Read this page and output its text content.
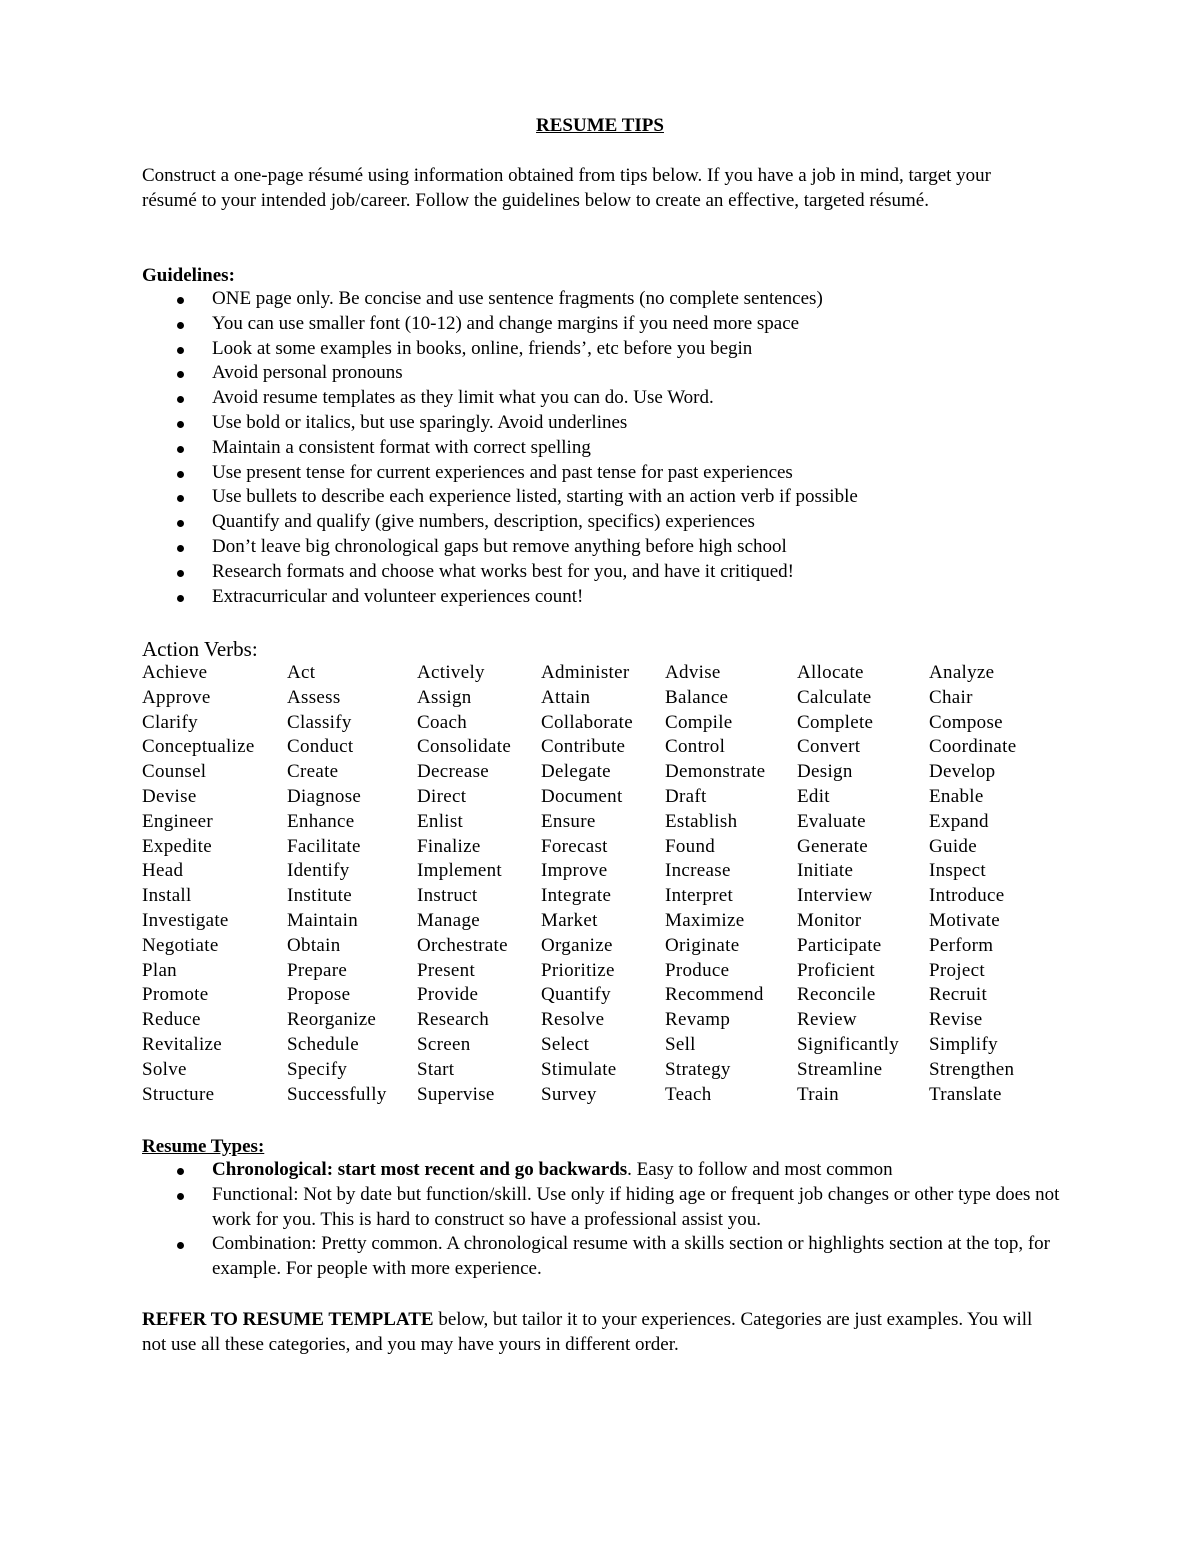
RESUME TIPS

Construct a one-page résumé using information obtained from tips below. If you have a job in mind, target your résumé to your intended job/career. Follow the guidelines below to create an effective, targeted résumé.

Guidelines:
ONE page only. Be concise and use sentence fragments (no complete sentences)
You can use smaller font (10-12) and change margins if you need more space
Look at some examples in books, online, friends’, etc before you begin
Avoid personal pronouns
Avoid resume templates as they limit what you can do. Use Word.
Use bold or italics, but use sparingly. Avoid underlines
Maintain a consistent format with correct spelling
Use present tense for current experiences and past tense for past experiences
Use bullets to describe each experience listed, starting with an action verb if possible
Quantify and qualify (give numbers, description, specifics) experiences
Don’t leave big chronological gaps but remove anything before high school
Research formats and choose what works best for you, and have it critiqued!
Extracurricular and volunteer experiences count!
Action Verbs:
Achieve	Act	Actively	Administer Advise	Allocate	Analyze
Approve	Assess	Assign	Attain	Balance	Calculate	Chair
Clarify	Classify	Coach	Collaborate Compile	Complete	Compose
Conceptualize Conduct	Consolidate Contribute Control	Convert	Coordinate
Counsel	Create	Decrease	Delegate	Demonstrate Design	Develop
Devise	Diagnose	Direct	Document Draft	Edit	Enable
Engineer	Enhance	Enlist	Ensure	Establish	Evaluate	Expand
Expedite	Facilitate	Finalize	Forecast	Found	Generate	Guide
Head	Identify	Implement Improve	Increase	Initiate	Inspect
Install	Institute	Instruct	Integrate	Interpret	Interview	Introduce
Investigate	Maintain	Manage	Market	Maximize	Monitor	Motivate
Negotiate	Obtain	Orchestrate Organize	Originate	Participate Perform
Plan	Prepare	Present	Prioritize	Produce	Proficient	Project
Promote	Propose	Provide	Quantify	Recommend Reconcile	Recruit
Reduce	Reorganize Research	Resolve	Revamp	Review	Revise
Revitalize	Schedule	Screen	Select	Sell	Significantly Simplify
Solve	Specify	Start	Stimulate	Strategy	Streamline Strengthen
Structure	Successfully Supervise Survey	Teach	Train	Translate
Resume Types:
Chronological: start most recent and go backwards. Easy to follow and most common
Functional: Not by date but function/skill. Use only if hiding age or frequent job changes or other type does not work for you. This is hard to construct so have a professional assist you.
Combination: Pretty common. A chronological resume with a skills section or highlights section at the top, for example. For people with more experience.

REFER TO RESUME TEMPLATE below, but tailor it to your experiences. Categories are just examples. You will not use all these categories, and you may have yours in different order.
